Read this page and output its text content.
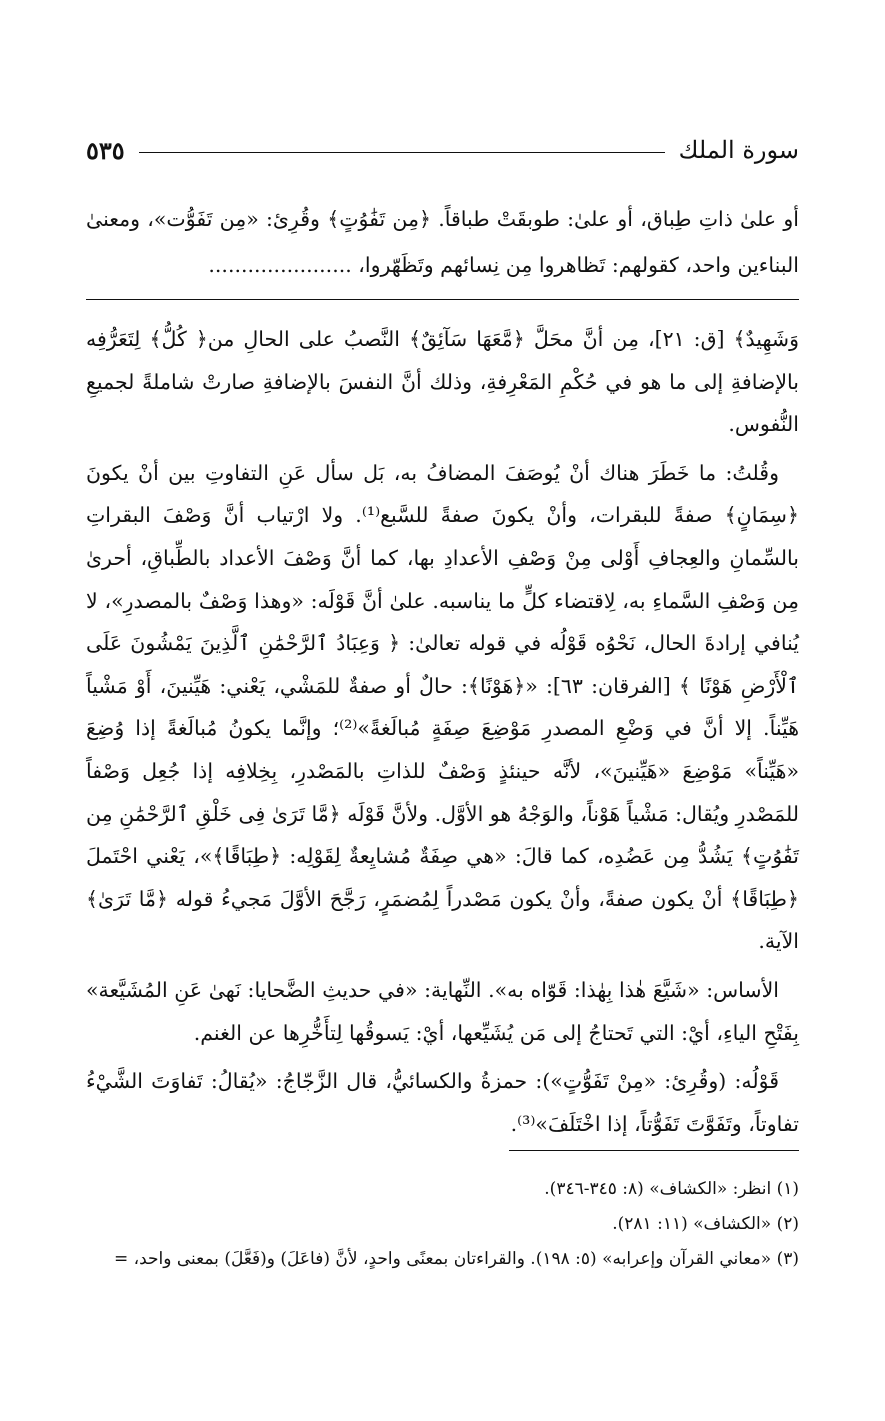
سورة الملك
٥٣٥

أو علىٰ ذاتِ طِباق، أو علىٰ: طوبقَتْ طباقاً. ﴿مِن تَفَٰوُتٍ﴾ وقُرِئ: «مِن تَفَوُّت»، ومعنىٰ البناءين واحد، كقولهم: تَظاهروا مِن نِسائهم وتَظَهّروا، ......................

وَشَهِيدٌ﴾ [ق: ٢١]، مِن أنَّ محَلَّ ﴿مَّعَهَا سَآئِقٌ﴾ النَّصبُ على الحالِ من﴿ كُلُّ﴾ لِتَعَرُّفِه بالإضافةِ إلى ما هو في حُكْمِ المَعْرِفةِ، وذلك أنَّ النفسَ بالإضافةِ صارتْ شاملةً لجميعِ النُّفوس.

وقُلتُ: ما خَطَرَ هناك أنْ يُوصَفَ المضافُ به، بَل سأل عَنِ التفاوتِ بين أنْ يكونَ ﴿سِمَانٍ﴾ صفةً للبقرات، وأنْ يكونَ صفةً للسَّبع⁽¹⁾. ولا ارْتياب أنَّ وَصْفَ البقراتِ بالسِّمانِ والعِجافِ أَوْلى مِنْ وَصْفِ الأعدادِ بها، كما أنَّ وَصْفَ الأعداد بالطِّباقِ، أحرىٰ مِن وَصْفِ السَّماءِ به، لِاقتضاء كلٍّ ما يناسبه. علىٰ أنَّ قَوْلَه: «وهذا وَصْفٌ بالمصدرِ»، لا يُنافي إرادةَ الحال، نَحْوُه قَوْلُه في قوله تعالىٰ: ﴿ وَعِبَادُ ٱلرَّحْمَٰنِ ٱلَّذِينَ يَمْشُونَ عَلَى ٱلْأَرْضِ هَوْنًا ﴾ [الفرقان: ٦٣]: «﴿هَوْنًا﴾: حالٌ أو صفةٌ للمَشْي، يَعْني: هَيِّنينَ، أَوْ مَشْياً هَيِّناً. إلا أنَّ في وَضْعِ المصدرِ مَوْضِعَ صِفَةٍ مُبالَغةً»⁽²⁾؛ وإنَّما يكونُ مُبالَغةً إذا وُضِعَ «هَيِّناً» مَوْضِعَ «هَيِّنينَ»، لأنَّه حينئذٍ وَصْفٌ للذاتِ بالمَصْدرِ، بِخِلافِه إذا جُعِل وَصْفاً للمَصْدرِ ويُقال: مَشْياً هَوْناً، والوَجْهُ هو الأوَّل. ولأنَّ قَوْلَه ﴿مَّا تَرَىٰ فِى خَلْقِ ٱلرَّحْمَٰنِ مِن تَفَٰوُتٍ﴾ يَشُدُّ مِن عَضُدِه، كما قالَ: «هي صِفَةٌ مُشايِعةٌ لِقَوْلِه: ﴿طِبَاقًا﴾»، يَعْني احْتَملَ ﴿طِبَاقًا﴾ أنْ يكون صفةً، وأنْ يكون مَصْدراً لِمُضمَرٍ، رَجَّحَ الأوَّلَ مَجيءُ قوله ﴿مَّا تَرَىٰ﴾ الآية.

الأساس: «شَيَّعَ هٰذا بِهٰذا: قَوّاه به». النِّهاية: «في حديثِ الضَّحايا: نَهىٰ عَنِ المُشَيَّعة» بِفَتْحِ الياءِ، أيْ: التي تَحتاجُ إلى مَن يُشَيِّعها، أيْ: يَسوقُها لِتأَخُّرِها عن الغنم.

قَوْلُه: (وقُرِئ: «مِنْ تَفَوُّتٍ»): حمزةُ والكسائيُّ، قال الزَّجّاجُ: «يُقالُ: تَفاوَتَ الشَّيْءُ تفاوتاً، وتَفَوَّتَ تَفَوُّتاً، إذا اخْتَلَفَ»⁽³⁾.

(١) انظر: «الكشاف» (٨: ٣٤٥-٣٤٦).

(٢) «الكشاف» (١١: ٢٨١).

(٣) «معاني القرآن وإعرابه» (٥: ١٩٨). والقراءتان بمعنًى واحدٍ، لأنَّ (فاعَلَ) و(فَعَّلَ) بمعنى واحد، =
